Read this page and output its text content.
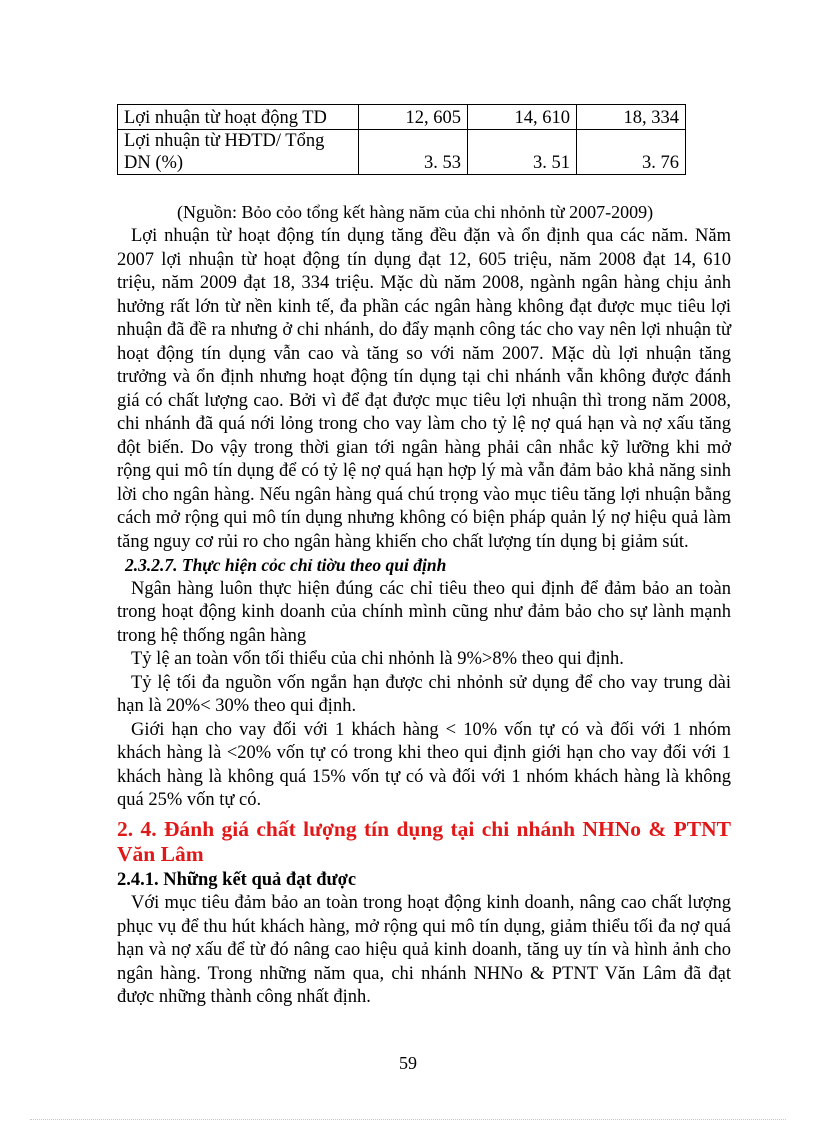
Lợi nhuận từ hoạt động TD	12, 605	14, 610	18, 334
Lợi nhuận từ HĐTD/ Tổng DN (%)	3. 53	3. 51	3. 76
(Nguồn: Bỏo cỏo tổng kết hàng năm của chi nhỏnh từ 2007-2009)

Lợi nhuận từ hoạt động tín dụng tăng đều đặn và ổn định qua các năm. Năm 2007 lợi nhuận từ hoạt động tín dụng đạt 12, 605 triệu, năm 2008 đạt 14, 610 triệu, năm 2009 đạt 18, 334 triệu. Mặc dù năm 2008, ngành ngân hàng chịu ảnh hưởng rất lớn từ nền kinh tế, đa phần các ngân hàng không đạt được mục tiêu lợi nhuận đã đề ra nhưng ở chi nhánh, do đẩy mạnh công tác cho vay nên lợi nhuận từ hoạt động tín dụng vẫn cao và tăng so với năm 2007. Mặc dù lợi nhuận tăng trưởng và ổn định nhưng hoạt động tín dụng tại chi nhánh vẫn không được đánh giá có chất lượng cao. Bởi vì để đạt được mục tiêu lợi nhuận thì trong năm 2008, chi nhánh đã quá nới lỏng trong cho vay làm cho tỷ lệ nợ quá hạn và nợ xấu tăng đột biến. Do vậy trong thời gian tới ngân hàng phải cân nhắc kỹ lưỡng khi mở rộng qui mô tín dụng để có tỷ lệ nợ quá hạn hợp lý mà vẫn đảm bảo khả năng sinh lời cho ngân hàng. Nếu ngân hàng quá chú trọng vào mục tiêu tăng lợi nhuận bằng cách mở rộng qui mô tín dụng nhưng không có biện pháp quản lý nợ hiệu quả làm tăng nguy cơ rủi ro cho ngân hàng khiến cho chất lượng tín dụng bị giảm sút.

2.3.2.7. Thực hiện cỏc chỉ tiờu theo qui định

Ngân hàng luôn thực hiện đúng các chỉ tiêu theo qui định để đảm bảo an toàn trong hoạt động kinh doanh của chính mình cũng như đảm bảo cho sự lành mạnh trong hệ thống ngân hàng

Tỷ lệ an toàn vốn tối thiểu của chi nhỏnh là 9%>8% theo qui định.

Tỷ lệ tối đa nguồn vốn ngắn hạn được chi nhỏnh sử dụng để cho vay trung dài hạn là 20%< 30% theo qui định.

Giới hạn cho vay đối với 1 khách hàng < 10% vốn tự có và đối với 1 nhóm khách hàng là <20% vốn tự có trong khi theo qui định giới hạn cho vay đối với 1 khách hàng là không quá 15% vốn tự có và đối với 1 nhóm khách hàng là không quá 25% vốn tự có.

2. 4. Đánh giá chất lượng tín dụng tại chi nhánh NHNo & PTNT Văn Lâm

2.4.1. Những kết quả đạt được

Với mục tiêu đảm bảo an toàn trong hoạt động kinh doanh, nâng cao chất lượng phục vụ để thu hút khách hàng, mở rộng qui mô tín dụng, giảm thiểu tối đa nợ quá hạn và nợ xấu để từ đó nâng cao hiệu quả kinh doanh, tăng uy tín và hình ảnh cho ngân hàng. Trong những năm qua, chi nhánh NHNo & PTNT Văn Lâm đã đạt được những thành công nhất định.

59
